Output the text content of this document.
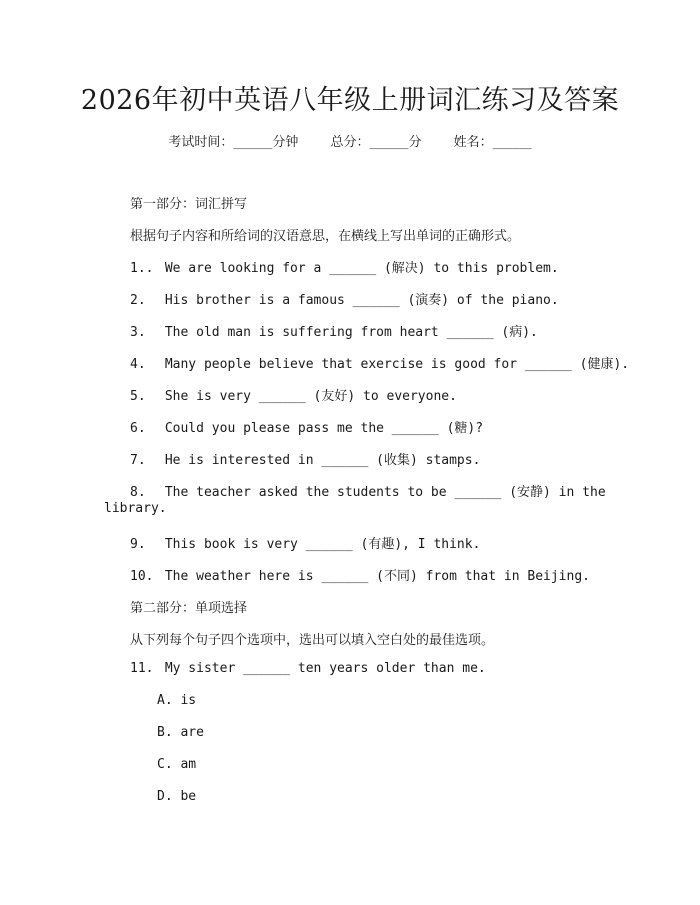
2026年初中英语八年级上册词汇练习及答案
考试时间：______分钟 总分：______分 姓名：______
第一部分：词汇拼写
根据句子内容和所给词的汉语意思，在横线上写出单词的正确形式。
1.. We are looking for a ______ (解决) to this problem.
2. His brother is a famous ______ (演奏) of the piano.
3. The old man is suffering from heart ______ (病).
4. Many people believe that exercise is good for ______ (健康).
5. She is very ______ (友好) to everyone.
6. Could you please pass me the ______ (糖)?
7. He is interested in ______ (收集) stamps.
8. The teacher asked the students to be ______ (安静) in the
library.
9. This book is very ______ (有趣), I think.
10. The weather here is ______ (不同) from that in Beijing.
第二部分：单项选择
从下列每个句子四个选项中，选出可以填入空白处的最佳选项。
11. My sister ______ ten years older than me.
A. is
B. are
C. am
D. be
